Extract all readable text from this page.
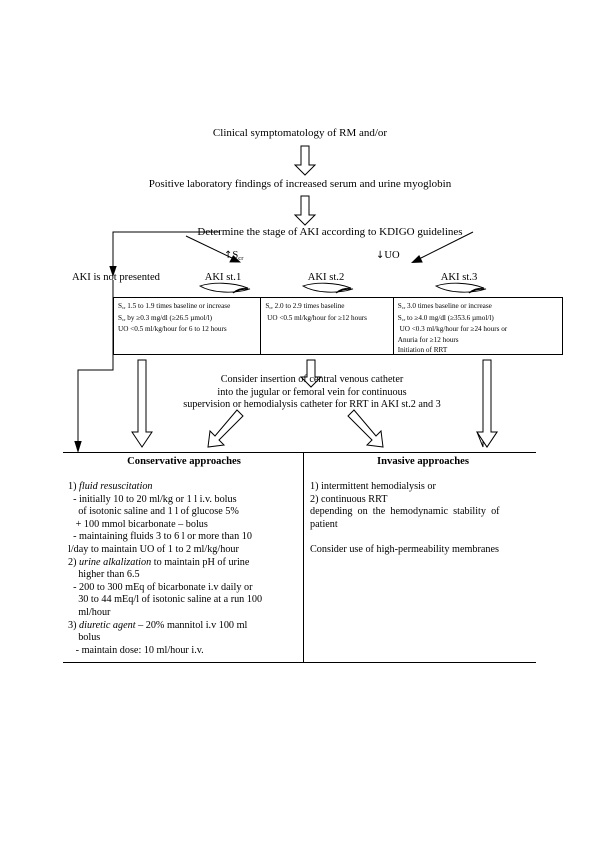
Clinical symptomatology of RM and/or
Positive laboratory findings of increased serum and urine myoglobin
Determine the stage of AKI according to KDIGO guidelines
$↑S_{cr}$	↓UO
AKI is not presented	AKI st.1	AKI st.2	AKI st.3
$S_{cr}$ 1.5 to 1.9 times baseline or increase
$S_{cr}$ by ≥0.3 mg/dl (≥26.5 µmol/l)
UO <0.5 ml/kg/hour for 6 to 12 hours
$S_{cr}$ 2.0 to 2.9 times baseline
UO <0.5 ml/kg/hour for ≥12 hours
$S_{cr}$ 3.0 times baseline or increase
$S_{cr}$ to ≥4.0 mg/dl (≥353.6 µmol/l)
UO <0.3 ml/kg/hour for ≥24 hours or
Anuria for ≥12 hours
Initiation of RRT
Consider insertion of central venous catheter
into the jugular or femoral vein for continuous
supervision or hemodialysis catheter for RRT in AKI st.2 and 3
Conservative approaches
1) fluid resuscitation
- initially 10 to 20 ml/kg or 1 l i.v. bolus
of isotonic saline and 1 l of glucose 5%
+ 100 mmol bicarbonate – bolus
- maintaining fluids 3 to 6 l or more than 10
l/day to maintain UO of 1 to 2 ml/kg/hour
2) urine alkalization to maintain pH of urine
higher than 6.5
- 200 to 300 mEq of bicarbonate i.v daily or
30 to 44 mEq/l of isotonic saline at a run 100
ml/hour
3) diuretic agent – 20% mannitol i.v 100 ml
bolus
- maintain dose: 10 ml/hour i.v.
Invasive approaches
1) intermittent hemodialysis or
2) continuous RRT
depending  on  the  hemodynamic  stability  of
patient

Consider use of high-permeability membranes
